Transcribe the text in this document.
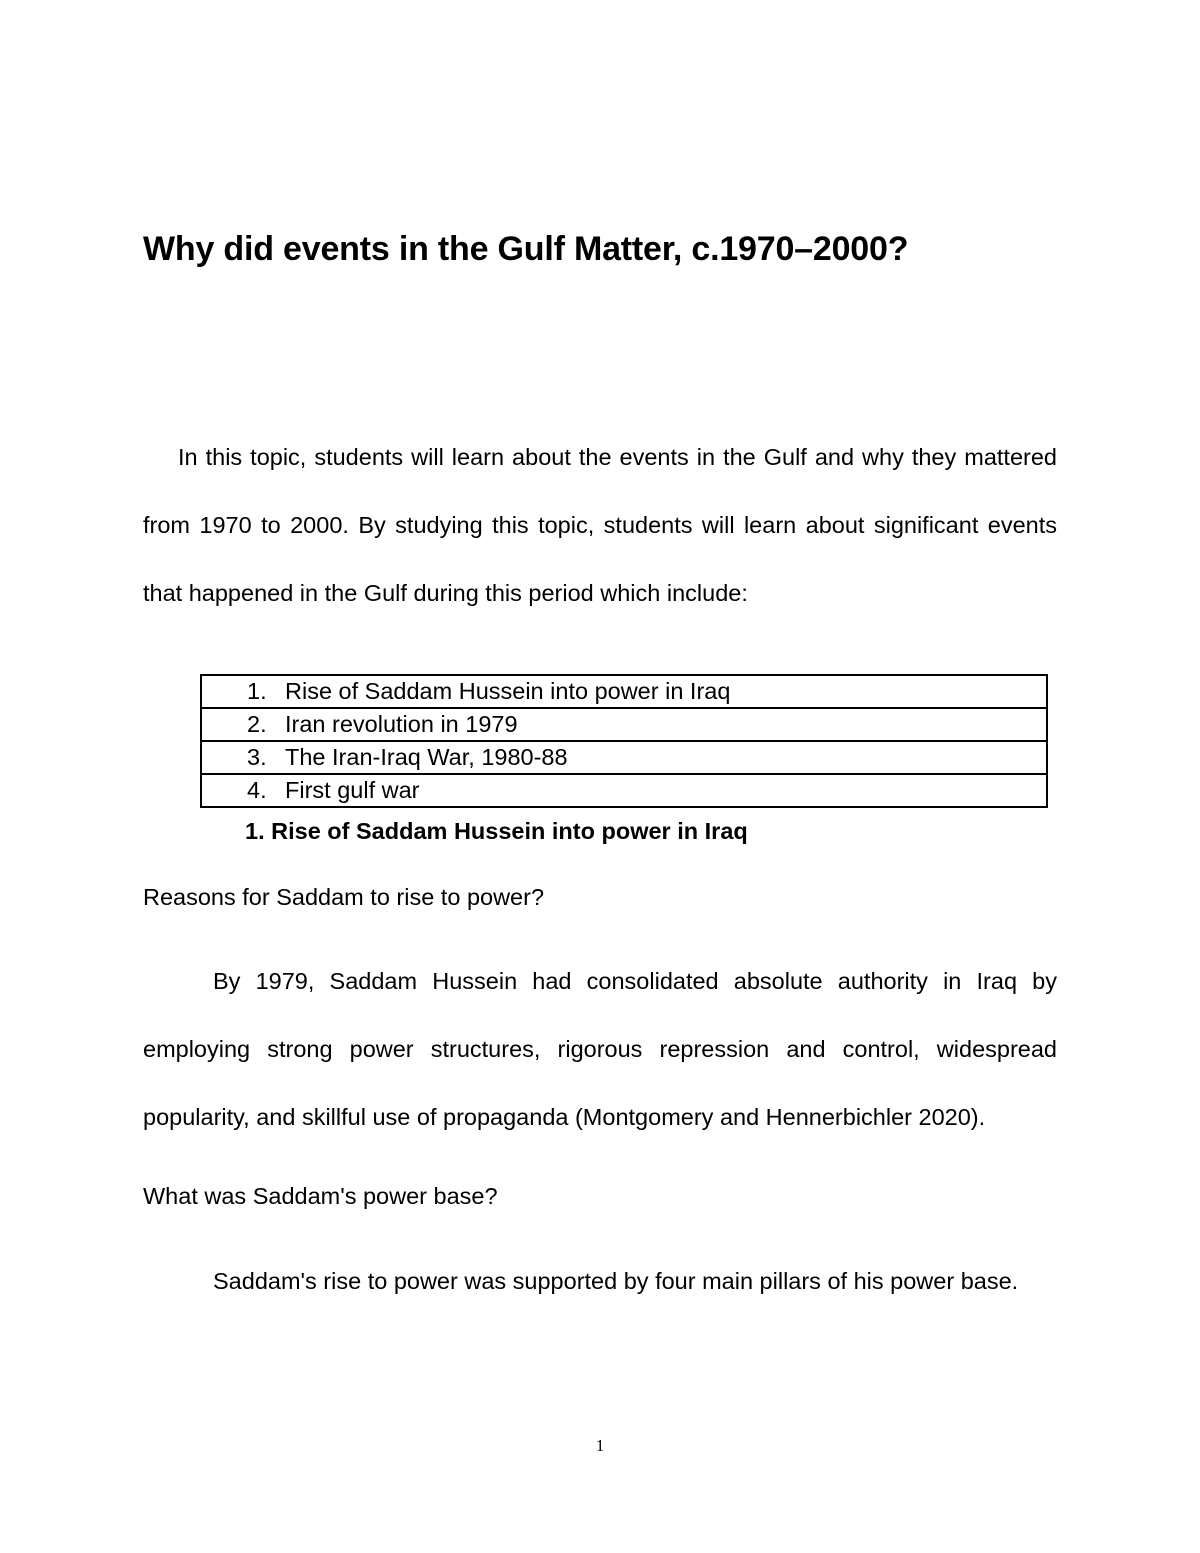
Why did events in the Gulf Matter, c.1970–2000?

In this topic, students will learn about the events in the Gulf and why they mattered from 1970 to 2000. By studying this topic, students will learn about significant events that happened in the Gulf during this period which include:

1. Rise of Saddam Hussein into power in Iraq
2. Iran revolution in 1979
3. The Iran-Iraq War, 1980-88
4. First gulf war
1. Rise of Saddam Hussein into power in Iraq
Reasons for Saddam to rise to power?

By 1979, Saddam Hussein had consolidated absolute authority in Iraq by employing strong power structures, rigorous repression and control, widespread popularity, and skillful use of propaganda (Montgomery and Hennerbichler 2020).

What was Saddam's power base?

Saddam's rise to power was supported by four main pillars of his power base.

1
